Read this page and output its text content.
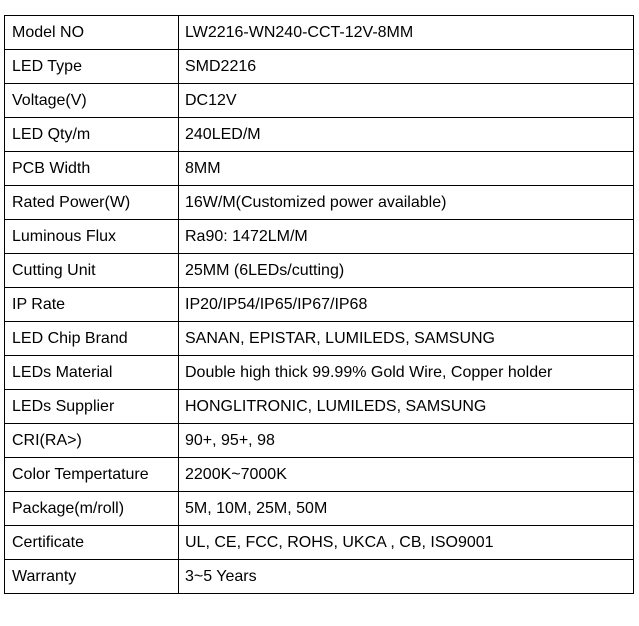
Model NO	LW2216-WN240-CCT-12V-8MM
LED Type	SMD2216
Voltage(V)	DC12V
LED Qty/m	240LED/M
PCB Width	8MM
Rated Power(W)	16W/M(Customized power available)
Luminous Flux	Ra90: 1472LM/M
Cutting Unit	25MM (6LEDs/cutting)
IP Rate	IP20/IP54/IP65/IP67/IP68
LED Chip Brand	SANAN, EPISTAR, LUMILEDS, SAMSUNG
LEDs Material	Double high thick 99.99% Gold Wire, Copper holder
LEDs Supplier	HONGLITRONIC, LUMILEDS, SAMSUNG
CRI(RA>)	90+, 95+, 98
Color Tempertature	2200K~7000K
Package(m/roll)	5M, 10M, 25M, 50M
Certificate	UL, CE, FCC, ROHS, UKCA , CB, ISO9001
Warranty	3~5 Years
